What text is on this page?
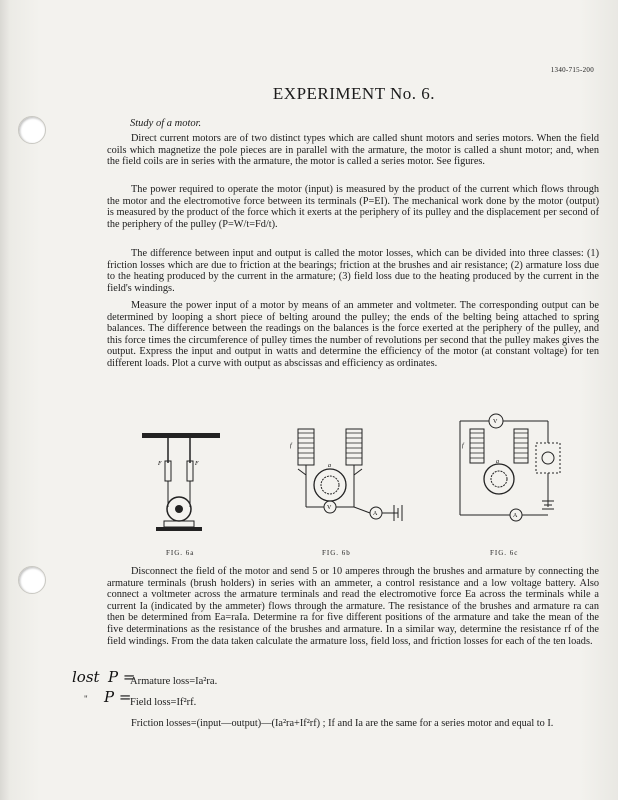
1340-715-200
EXPERIMENT No. 6.
Study of a motor.

Direct current motors are of two distinct types which are called shunt motors and series motors. When the field coils which magnetize the pole pieces are in parallel with the armature, the motor is called a shunt motor; and, when the field coils are in series with the armature, the motor is called a series motor. See figures.

The power required to operate the motor (input) is measured by the product of the current which flows through the motor and the electromotive force between its terminals (P=EI). The mechanical work done by the motor (output) is measured by the product of the force which it exerts at the periphery of its pulley and the displacement per second of the periphery of the pulley (P=W/t=Fd/t).

The difference between input and output is called the motor losses, which can be divided into three classes: (1) friction losses which are due to friction at the bearings; friction at the brushes and air resistance; (2) armature loss due to the heating produced by the current in the armature; (3) field loss due to the heating produced by the current in the field's windings.

Measure the power input of a motor by means of an ammeter and voltmeter. The corresponding output can be determined by looping a short piece of belting around the pulley; the ends of the belting being attached to spring balances. The difference between the readings on the balances is the force exerted at the periphery of the pulley, and this force times the circumference of pulley times the number of revolutions per second that the pulley makes gives the output. Express the input and output in watts and determine the efficiency of the motor (at constant voltage) for ten different loads. Plot a curve with output as abscissas and efficiency as ordinates.

F	F
FIG. 6a
a
V
A
f
FIG. 6b
a
V
A
f
FIG. 6c

Disconnect the field of the motor and send 5 or 10 amperes through the brushes and armature by connecting the armature terminals (brush holders) in series with an ammeter, a control resistance and a low voltage battery. Also connect a voltmeter across the armature terminals and read the electromotive force Ea across the terminals while a current Ia (indicated by the ammeter) flows through the armature. The resistance of the brushes and armature ra can then be determined from Ea=raIa. Determine ra for five different positions of the armature and take the mean of the five determinations as the resistance of the brushes and armature. In a similar way, determine the resistance rf of the field windings. From the data taken calculate the armature loss, field loss, and friction losses for each of the ten loads.

lost P =
" P =
Armature loss=Ia²ra.
Field loss=If²rf.

Friction losses=(input—output)—(Ia²ra+If²rf) ; If and Ia are the same for a series motor and equal to I.
